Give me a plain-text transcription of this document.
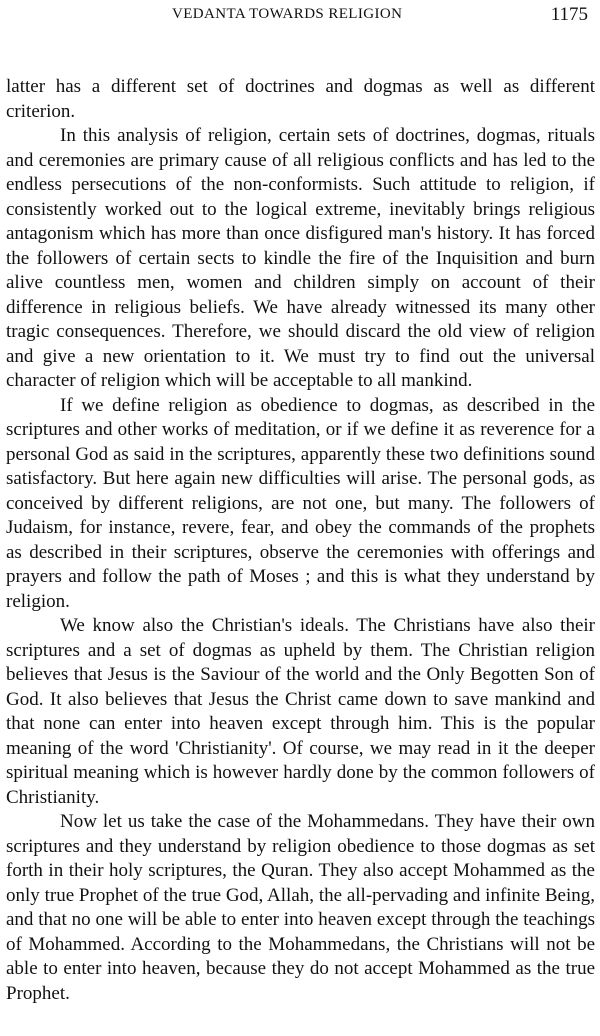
VEDANTA TOWARDS RELIGION	1175

latter has a different set of doctrines and dogmas as well as different criterion.

In this analysis of religion, certain sets of doctrines, dogmas, rituals and ceremonies are primary cause of all religious conflicts and has led to the endless persecutions of the non-conformists. Such attitude to religion, if consistently worked out to the logical extreme, inevitably brings religious antagonism which has more than once disfigured man's history. It has forced the followers of certain sects to kindle the fire of the Inquisition and burn alive countless men, women and children simply on account of their difference in religious beliefs. We have already witnessed its many other tragic consequences. Therefore, we should discard the old view of religion and give a new orientation to it. We must try to find out the universal character of religion which will be acceptable to all mankind.

If we define religion as obedience to dogmas, as described in the scriptures and other works of meditation, or if we define it as reverence for a personal God as said in the scriptures, apparently these two definitions sound satisfactory. But here again new difficulties will arise. The personal gods, as conceived by different religions, are not one, but many. The followers of Judaism, for instance, revere, fear, and obey the commands of the prophets as described in their scriptures, observe the ceremonies with offerings and prayers and follow the path of Moses ; and this is what they understand by religion.

We know also the Christian's ideals. The Christians have also their scriptures and a set of dogmas as upheld by them. The Christian religion believes that Jesus is the Saviour of the world and the Only Begotten Son of God. It also believes that Jesus the Christ came down to save mankind and that none can enter into heaven except through him. This is the popular meaning of the word 'Christianity'. Of course, we may read in it the deeper spiritual meaning which is however hardly done by the common followers of Christianity.

Now let us take the case of the Mohammedans. They have their own scriptures and they understand by religion obedience to those dogmas as set forth in their holy scriptures, the Quran. They also accept Mohammed as the only true Prophet of the true God, Allah, the all-pervading and infinite Being, and that no one will be able to enter into heaven except through the teachings of Mohammed. According to the Mohammedans, the Christians will not be able to enter into heaven, because they do not accept Mohammed as the true Prophet.
